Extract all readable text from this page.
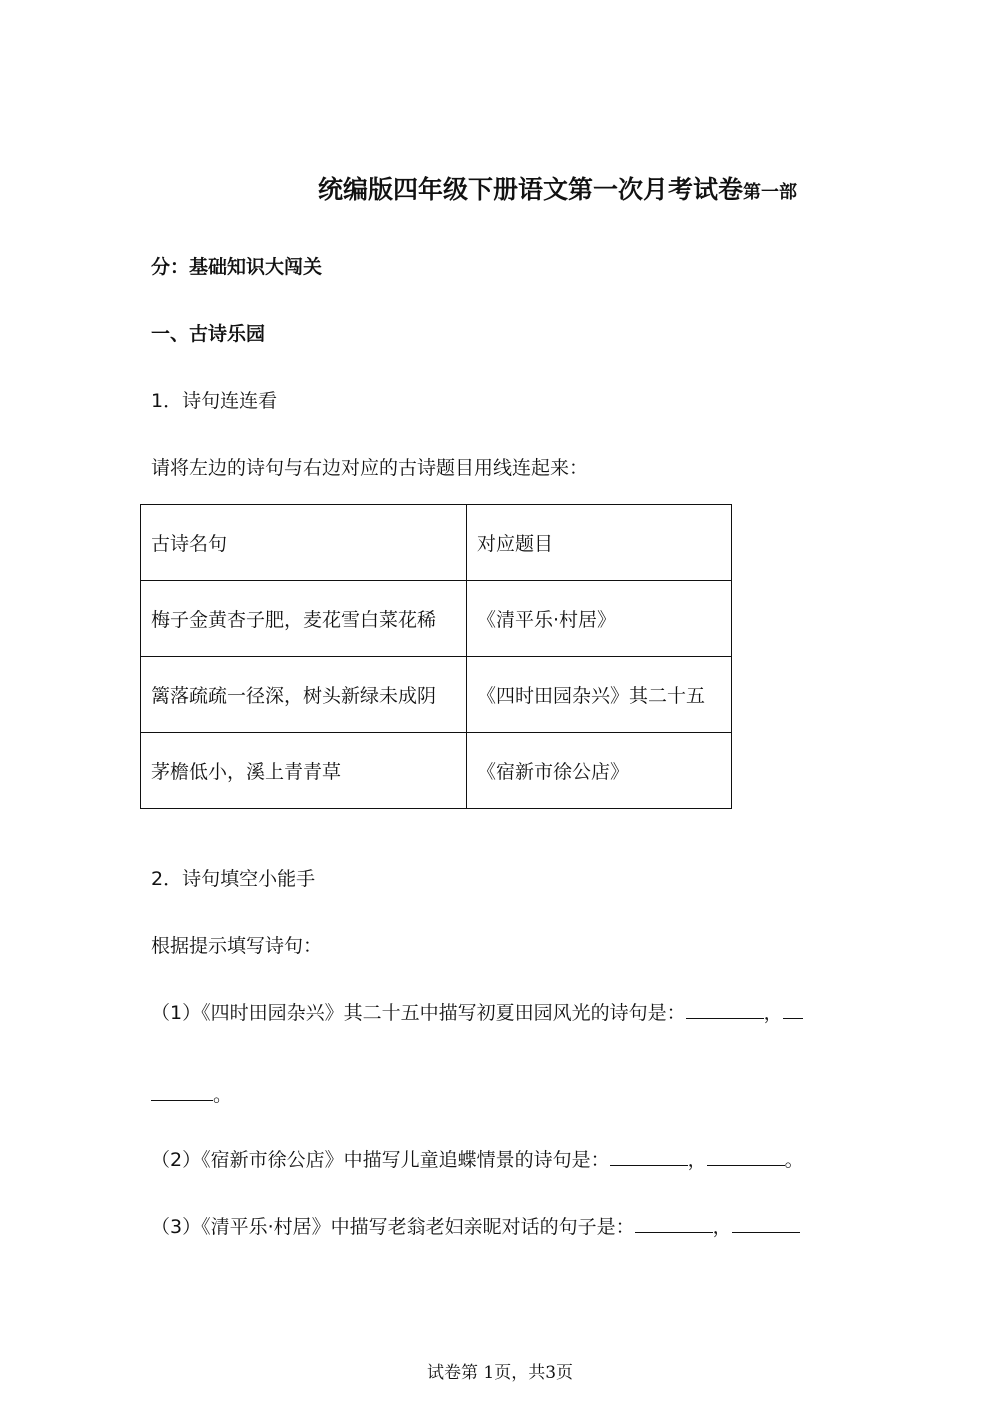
统编版四年级下册语文第一次月考试卷第一部
分：基础知识大闯关
一、古诗乐园
1．诗句连连看
请将左边的诗句与右边对应的古诗题目用线连起来：
古诗名句	对应题目
梅子金黄杏子肥，麦花雪白菜花稀	《清平乐·村居》
篱落疏疏一径深，树头新绿未成阴	《四时田园杂兴》其二十五
茅檐低小，溪上青青草	《宿新市徐公店》
2．诗句填空小能手
根据提示填写诗句：
（1）《四时田园杂兴》其二十五中描写初夏田园风光的诗句是：	，
。
（2）《宿新市徐公店》中描写儿童追蝶情景的诗句是：	，	。
（3）《清平乐·村居》中描写老翁老妇亲昵对话的句子是：	，
试卷第 1页，共3页
